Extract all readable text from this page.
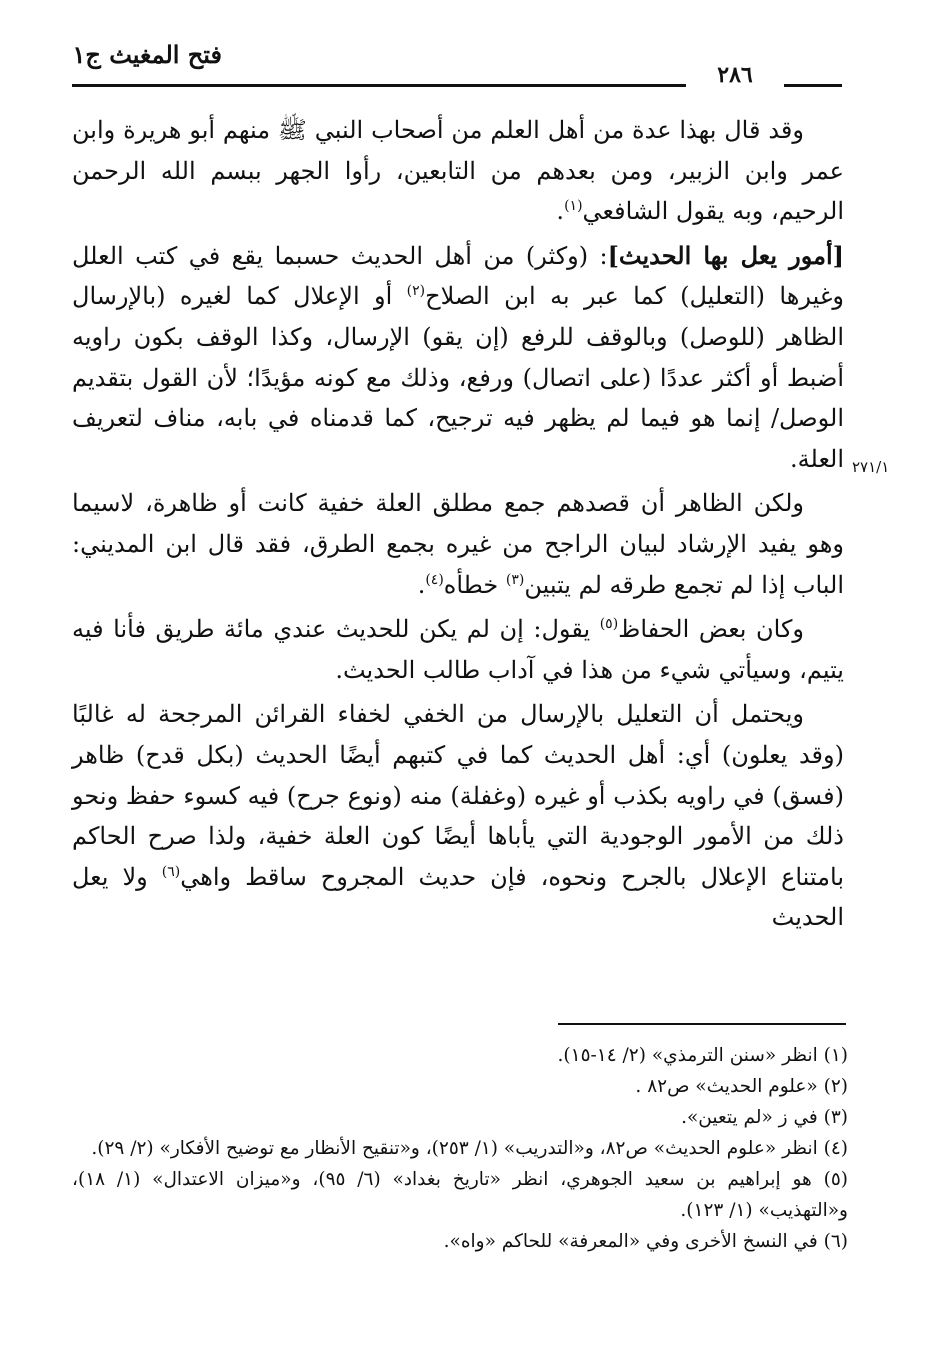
فتح المغيث ج١
٢٨٦
٢٧١/١

وقد قال بهذا عدة من أهل العلم من أصحاب النبي ﷺ منهم أبو هريرة وابن عمر وابن الزبير، ومن بعدهم من التابعين، رأوا الجهر ببسم الله الرحمن الرحيم، وبه يقول الشافعي$^{(١)}$.

[أمور يعل بها الحديث]: (وكثر) من أهل الحديث حسبما يقع في كتب العلل وغيرها (التعليل) كما عبر به ابن الصلاح$^{(٢)}$ أو الإعلال كما لغيره (بالإرسال الظاهر (للوصل) وبالوقف للرفع (إن يقو) الإرسال، وكذا الوقف بكون راويه أضبط أو أكثر عددًا (على اتصال) ورفع، وذلك مع كونه مؤيدًا؛ لأن القول بتقديم الوصل/ إنما هو فيما لم يظهر فيه ترجيح، كما قدمناه في بابه، مناف لتعريف العلة.

ولكن الظاهر أن قصدهم جمع مطلق العلة خفية كانت أو ظاهرة، لاسيما وهو يفيد الإرشاد لبيان الراجح من غيره بجمع الطرق، فقد قال ابن المديني: الباب إذا لم تجمع طرقه لم يتبين$^{(٣)}$ خطأه$^{(٤)}$.

وكان بعض الحفاظ$^{(٥)}$ يقول: إن لم يكن للحديث عندي مائة طريق فأنا فيه يتيم، وسيأتي شيء من هذا في آداب طالب الحديث.

ويحتمل أن التعليل بالإرسال من الخفي لخفاء القرائن المرجحة له غالبًا (وقد يعلون) أي: أهل الحديث كما في كتبهم أيضًا الحديث (بكل قدح) ظاهر (فسق) في راويه بكذب أو غيره (وغفلة) منه (ونوع جرح) فيه كسوء حفظ ونحو ذلك من الأمور الوجودية التي يأباها أيضًا كون العلة خفية، ولذا صرح الحاكم بامتناع الإعلال بالجرح ونحوه، فإن حديث المجروح ساقط واهي$^{(٦)}$ ولا يعل الحديث

(١) انظر «سنن الترمذي» (٢/ ١٤-١٥).

(٢) «علوم الحديث» ص٨٢ .

(٣) في ز «لم يتعين».

(٤) انظر «علوم الحديث» ص٨٢، و«التدريب» (١/ ٢٥٣)، و«تنقيح الأنظار مع توضيح الأفكار» (٢/ ٢٩).

(٥) هو إبراهيم بن سعيد الجوهري، انظر «تاريخ بغداد» (٦/ ٩٥)، و«ميزان الاعتدال» (١/ ١٨)، و«التهذيب» (١/ ١٢٣).

(٦) في النسخ الأخرى وفي «المعرفة» للحاكم «واه».
